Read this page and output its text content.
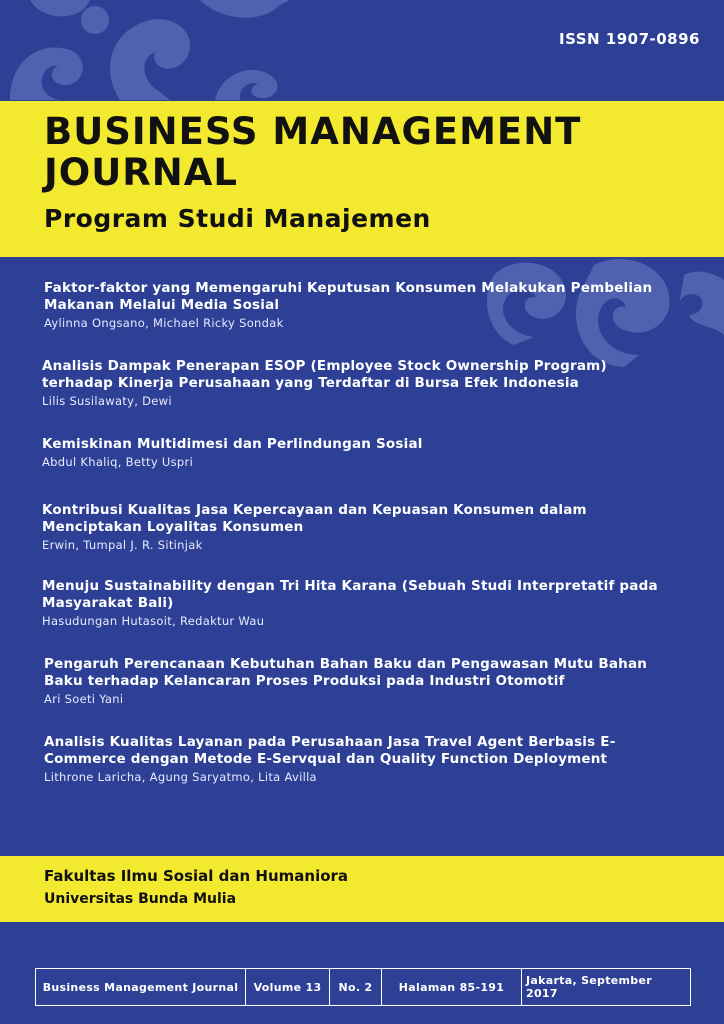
ISSN 1907-0896
BUSINESS MANAGEMENT JOURNAL
Program Studi Manajemen
Faktor-faktor yang Memengaruhi Keputusan Konsumen Melakukan Pembelian Makanan Melalui Media Sosial
Aylinna Ongsano, Michael Ricky Sondak
Analisis Dampak Penerapan ESOP (Employee Stock Ownership Program) terhadap Kinerja Perusahaan yang Terdaftar di Bursa Efek Indonesia
Lilis Susilawaty, Dewi
Kemiskinan Multidimesi dan Perlindungan Sosial
Abdul Khaliq, Betty Uspri
Kontribusi Kualitas Jasa Kepercayaan dan Kepuasan Konsumen dalam Menciptakan Loyalitas Konsumen
Erwin, Tumpal J. R. Sitinjak
Menuju Sustainability dengan Tri Hita Karana (Sebuah Studi Interpretatif pada Masyarakat Bali)
Hasudungan Hutasoit, Redaktur Wau
Pengaruh Perencanaan Kebutuhan Bahan Baku dan Pengawasan Mutu Bahan Baku terhadap Kelancaran Proses Produksi pada Industri Otomotif
Ari Soeti Yani
Analisis Kualitas Layanan pada Perusahaan Jasa Travel Agent Berbasis E-Commerce dengan Metode E-Servqual dan Quality Function Deployment
Lithrone Laricha, Agung Saryatmo, Lita Avilla
Fakultas Ilmu Sosial dan Humaniora
Universitas Bunda Mulia
Business Management Journal	Volume 13	No. 2	Halaman 85-191	Jakarta, September 2017
